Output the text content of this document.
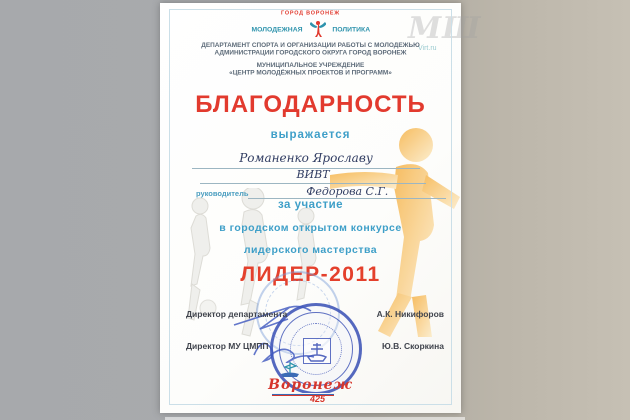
МШ
Virt.ru
ГОРОД ВОРОНЕЖ
МОЛОДЕЖНАЯ	ПОЛИТИКА
ДЕПАРТАМЕНТ СПОРТА И ОРГАНИЗАЦИИ РАБОТЫ С МОЛОДЕЖЬЮ
АДМИНИСТРАЦИИ ГОРОДСКОГО ОКРУГА ГОРОД ВОРОНЕЖ
МУНИЦИПАЛЬНОЕ УЧРЕЖДЕНИЕ
«ЦЕНТР МОЛОДЁЖНЫХ ПРОЕКТОВ И ПРОГРАММ»
БЛАГОДАРНОСТЬ
выражается
Романенко Ярославу
ВИВТ
руководитель	Федорова С.Г.
за участие
в городском открытом конкурсе
лидерского мастерства
ЛИДЕР-2011
Директор департамента	А.К. Никифоров
Директор МУ ЦМПП	Ю.В. Скоркина
Воронеж
425
